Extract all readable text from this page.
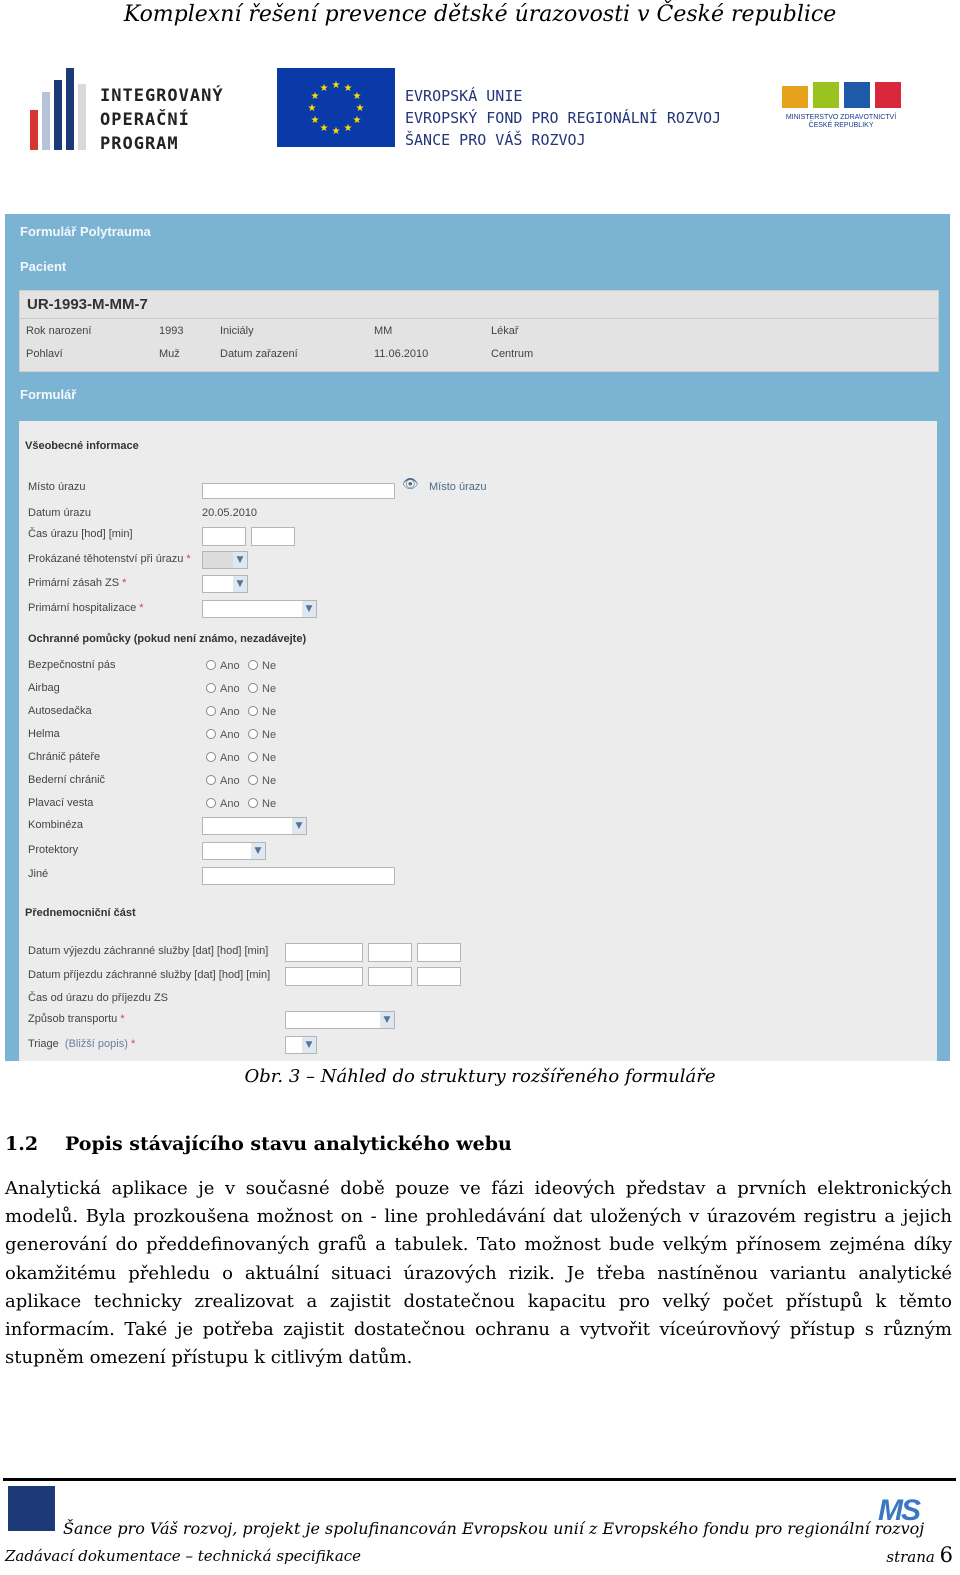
Komplexní řešení prevence dětské úrazovosti v České republice
INTEGROVANÝ
OPERAČNÍ
PROGRAM
★ ★
★
★
★
★
★
★
★
★
★
★	EVROPSKÁ UNIE
EVROPSKÝ FOND PRO REGIONÁLNÍ ROZVOJ
ŠANCE PRO VÁŠ ROZVOJ
MINISTERSTVO ZDRAVOTNICTVÍ
ČESKÉ REPUBLIKY
Formulář Polytrauma
Pacient
UR-1993-M-MM-7
Rok narození	1993	Iniciály	MM	Lékař
Pohlaví	Muž	Datum zařazení	11.06.2010	Centrum
Formulář
Všeobecné informace
Místo úrazu	👁 Místo úrazu
Datum úrazu	20.05.2010
Čas úrazu [hod] [min]
Prokázané těhotenství při úrazu *	▼
Primární zásah ZS *	▼
Primární hospitalizace *	▼
Ochranné pomůcky (pokud není známo, nezadávejte)
Bezpečnostní pás	Ano	Ne
Airbag	Ano	Ne
Autosedačka	Ano	Ne
Helma	Ano	Ne
Chránič páteře	Ano	Ne
Bederní chránič	Ano	Ne
Plavací vesta	Ano	Ne
Kombinéza	▼
Protektory	▼
Jiné
Přednemocniční část
Datum výjezdu záchranné služby [dat] [hod] [min]
Datum příjezdu záchranné služby [dat] [hod] [min]
Čas od úrazu do příjezdu ZS
Způsob transportu *	▼
Triage (Bližší popis) *	▼
Obr. 3 – Náhled do struktury rozšířeného formuláře
1.2 Popis stávajícího stavu analytického webu
Analytická aplikace je v současné době pouze ve fázi ideových představ a prvních elektronických modelů. Byla prozkoušena možnost on - line prohledávání dat uložených v úrazovém registru a jejich generování do předdefinovaných grafů a tabulek. Tato možnost bude velkým přínosem zejména díky okamžitému přehledu o aktuální situaci úrazových rizik. Je třeba nastíněnou variantu analytické aplikace technicky zrealizovat a zajistit dostatečnou kapacitu pro velký počet přístupů k těmto informacím. Také je potřeba zajistit dostatečnou ochranu a vytvořit víceúrovňový přístup s různým stupněm omezení přístupu k citlivým datům.
MS
Šance pro Váš rozvoj, projekt je spolufinancován Evropskou unií z Evropského fondu pro regionální rozvoj
Zadávací dokumentace – technická specifikace	strana 6
